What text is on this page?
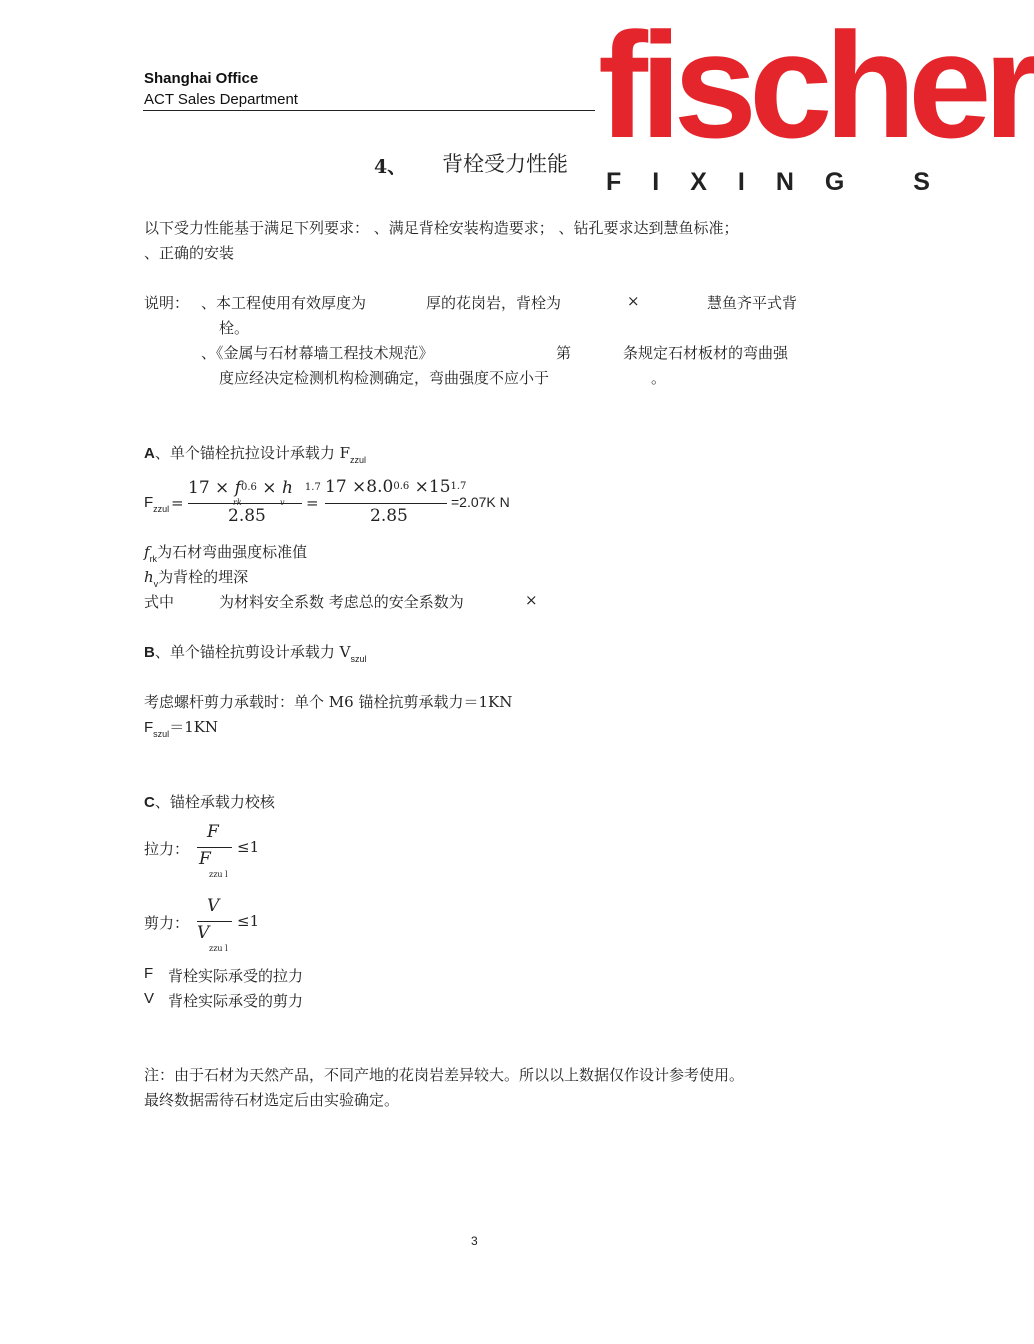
Shanghai Office
ACT Sales Department fischer
FIXING S
4、 背栓受力性能
以下受力性能基于满足下列要求： 、满足背栓安装构造要求； 、钻孔要求达到慧鱼标准；
、正确的安装
说明： 、本工程使用有效厚度为	厚的花岗岩，背栓为	×	慧鱼齐平式背
栓。
、《金属与石材幕墙工程技术规范》	第	条规定石材板材的弯曲强
度应经决定检测机构检测确定，弯曲强度不应小于	。
A、单个锚栓抗拉设计承载力 $F_{zzul}$
$F_{zzul}$ =
17 × f0.6 × h 1.7
2.85
=
17 ×8.00.6 ×151.7
2.85
=2.07K N
$f_{rk}$为石材弯曲强度标准值
$h_v$为背栓的埋深
式中	为材料安全系数 考虑总的安全系数为	×
B、单个锚栓抗剪设计承载力 $V_{szul}$
考虑螺杆剪力承载时：单个 M6 锚栓抗剪承载力＝1KN
$F_{szul}=1KN$
C、锚栓承载力校核
拉力：
F
F
zzu l
≤1
剪力：
V
V
zzu l
≤1
F 背栓实际承受的拉力
V 背栓实际承受的剪力
注：由于石材为天然产品，不同产地的花岗岩差异较大。所以以上数据仅作设计参考使用。
最终数据需待石材选定后由实验确定。
3
